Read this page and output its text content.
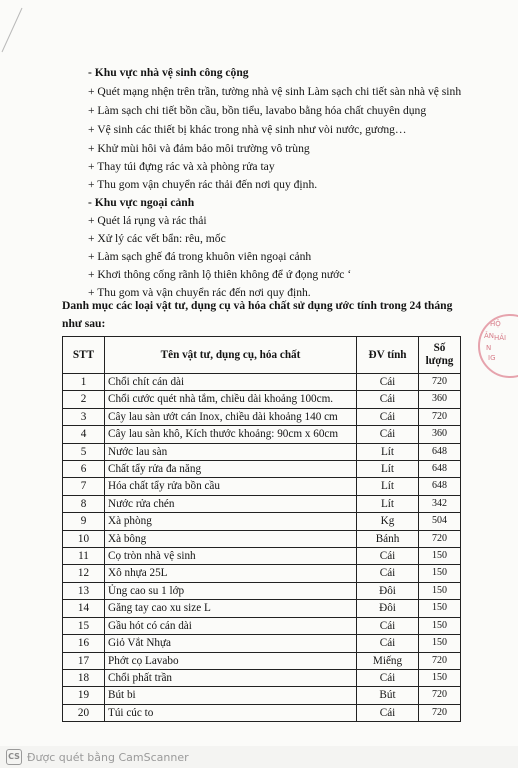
- Khu vực nhà vệ sinh công cộng
+ Quét mạng nhện trên trần, tường nhà vệ sinh Làm sạch chi tiết sàn nhà vệ sinh
+ Làm sạch chi tiết bồn cầu, bồn tiểu, lavabo bằng hóa chất chuyên dụng
+ Vệ sinh các thiết bị khác trong nhà vệ sinh như vòi nước, gương…
+ Khử mùi hôi và đảm bảo môi trường vô trùng
+ Thay túi đựng rác và xà phòng rửa tay
+ Thu gom vận chuyển rác thải đến nơi quy định.
- Khu vực ngoại cảnh
+ Quét lá rụng và rác thải
+ Xử lý các vết bẩn: rêu, mốc
+ Làm sạch ghế đá trong khuôn viên ngoại cảnh
+ Khơi thông cống rãnh lộ thiên không để ứ đọng nước ‘
+ Thu gom và vận chuyển rác đến nơi quy định.
Danh mục các loại vật tư, dụng cụ và hóa chất sử dụng ước tính trong 24 tháng
như sau:
STT	Tên vật tư, dụng cụ, hóa chất	ĐV tính	Số lượng
1	Chổi chít cán dài	Cái	720
2	Chổi cước quét nhà tắm, chiều dài khoảng 100cm.	Cái	360
3	Cây lau sàn ướt cán Inox, chiều dài khoảng 140 cm	Cái	720
4	Cây lau sàn khô, Kích thước khoảng: 90cm x 60cm	Cái	360
5	Nước lau sàn	Lít	648
6	Chất tẩy rửa đa năng	Lít	648
7	Hóa chất tẩy rửa bồn cầu	Lít	648
8	Nước rửa chén	Lít	342
9	Xà phòng	Kg	504
10	Xà bông	Bánh	720
11	Cọ tròn nhà vệ sinh	Cái	150
12	Xô nhựa 25L	Cái	150
13	Ủng cao su 1 lớp	Đôi	150
14	Găng tay cao xu size L	Đôi	150
15	Gầu hót có cán dài	Cái	150
16	Giỏ Vắt Nhựa	Cái	150
17	Phớt cọ Lavabo	Miếng	720
18	Chổi phất trần	Cái	150
19	Bút bi	Bút	720
20	Túi cúc to	Cái	720
HỘ
ẢN HẢI
N
IG
CS Được quét bằng CamScanner
